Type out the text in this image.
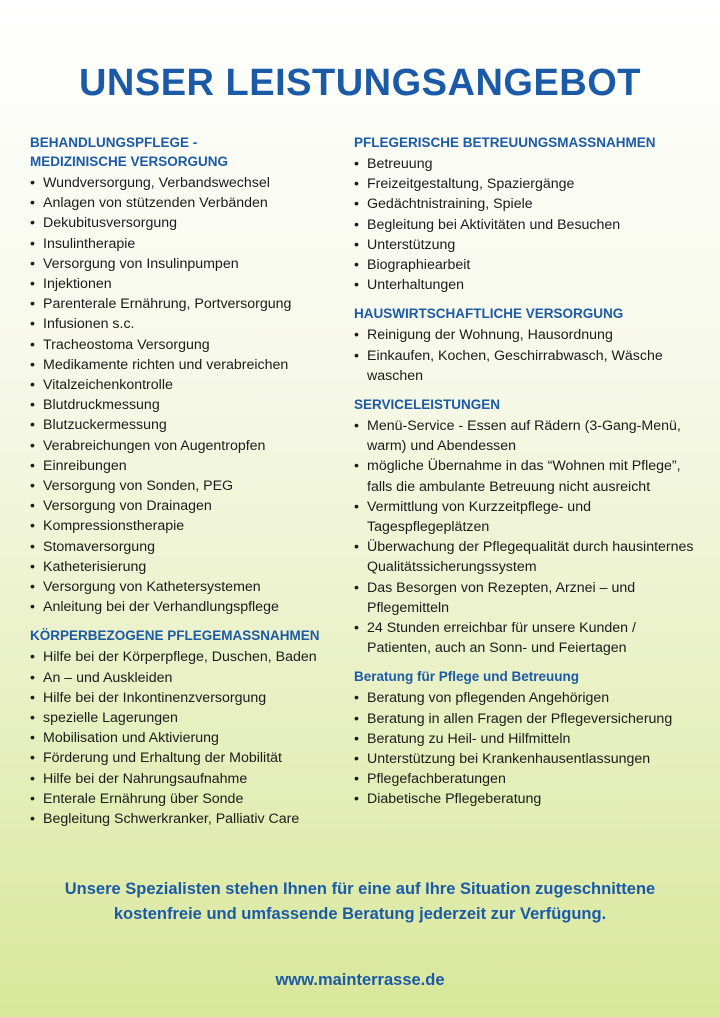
UNSER LEISTUNGSANGEBOT
BEHANDLUNGSPFLEGE -
MEDIZINISCHE VERSORGUNG
• Wundversorgung, Verbandswechsel
• Anlagen von stützenden Verbänden
• Dekubitusversorgung
• Insulintherapie
• Versorgung von Insulinpumpen
• Injektionen
• Parenterale Ernährung, Portversorgung
• Infusionen s.c.
• Tracheostoma Versorgung
• Medikamente richten und verabreichen
• Vitalzeichenkontrolle
• Blutdruckmessung
• Blutzuckermessung
• Verabreichungen von Augentropfen
• Einreibungen
• Versorgung von Sonden, PEG
• Versorgung von Drainagen
• Kompressionstherapie
• Stomaversorgung
• Katheterisierung
• Versorgung von Kathetersystemen
• Anleitung bei der Verhandlungspflege
KÖRPERBEZOGENE PFLEGEMASSNAHMEN
• Hilfe bei der Körperpflege, Duschen, Baden
• An – und Auskleiden
• Hilfe bei der Inkontinenzversorgung
• spezielle Lagerungen
• Mobilisation und Aktivierung
• Förderung und Erhaltung der Mobilität
• Hilfe bei der Nahrungsaufnahme
• Enterale Ernährung über Sonde
• Begleitung Schwerkranker, Palliativ Care
PFLEGERISCHE BETREUUNGSMASSNAHMEN
• Betreuung
• Freizeitgestaltung, Spaziergänge
• Gedächtnistraining, Spiele
• Begleitung bei Aktivitäten und Besuchen
• Unterstützung
• Biographiearbeit
• Unterhaltungen
HAUSWIRTSCHAFTLICHE VERSORGUNG
• Reinigung der Wohnung, Hausordnung
• Einkaufen, Kochen, Geschirrabwasch, Wäsche waschen
SERVICELEISTUNGEN
• Menü-Service - Essen auf Rädern (3-Gang-Menü, warm) und Abendessen
• mögliche Übernahme in das “Wohnen mit Pflege”, falls die ambulante Betreuung nicht ausreicht
• Vermittlung von Kurzzeitpflege- und Tagespflegeplätzen
• Überwachung der Pflegequalität durch hausinternes Qualitätssicherungssystem
• Das Besorgen von Rezepten, Arznei – und Pflegemitteln
• 24 Stunden erreichbar für unsere Kunden / Patienten, auch an Sonn- und Feiertagen
Beratung für Pflege und Betreuung
• Beratung von pflegenden Angehörigen
• Beratung in allen Fragen der Pflegeversicherung
• Beratung zu Heil- und Hilfmitteln
• Unterstützung bei Krankenhausentlassungen
• Pflegefachberatungen
• Diabetische Pflegeberatung
Unsere Spezialisten stehen Ihnen für eine auf Ihre Situation zugeschnittene
kostenfreie und umfassende Beratung jederzeit zur Verfügung.
www.mainterrasse.de
